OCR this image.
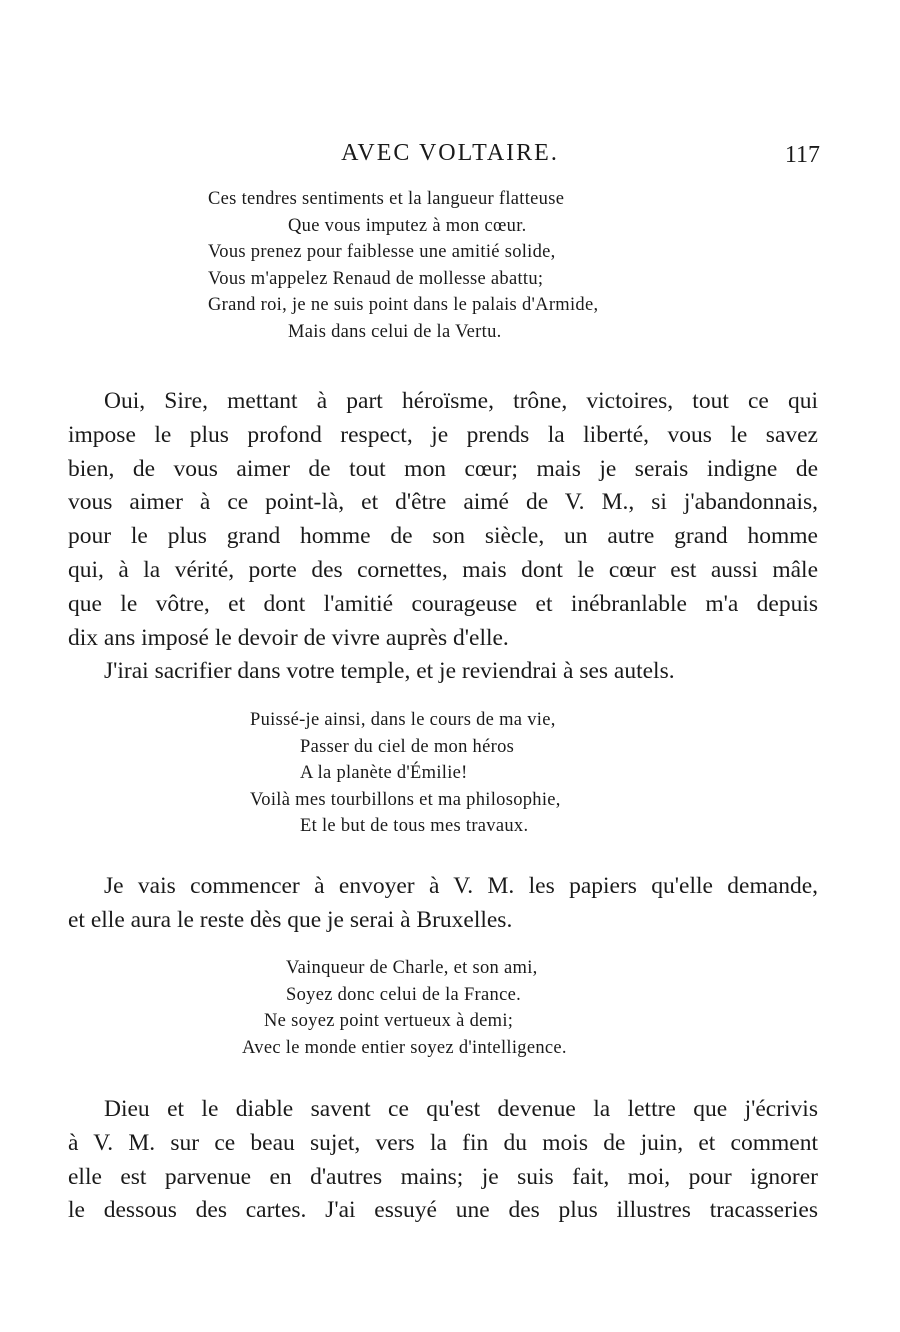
AVEC VOLTAIRE.	117
Ces tendres sentiments et la langueur flatteuse
Que vous imputez à mon cœur.
Vous prenez pour faiblesse une amitié solide,
Vous m'appelez Renaud de mollesse abattu;
Grand roi, je ne suis point dans le palais d'Armide,
Mais dans celui de la Vertu.
Oui, Sire, mettant à part héroïsme, trône, victoires, tout ce qui
impose le plus profond respect, je prends la liberté, vous le savez
bien, de vous aimer de tout mon cœur; mais je serais indigne de
vous aimer à ce point-là, et d'être aimé de V. M., si j'abandonnais,
pour le plus grand homme de son siècle, un autre grand homme
qui, à la vérité, porte des cornettes, mais dont le cœur est aussi mâle
que le vôtre, et dont l'amitié courageuse et inébranlable m'a depuis
dix ans imposé le devoir de vivre auprès d'elle.
J'irai sacrifier dans votre temple, et je reviendrai à ses autels.
Puissé-je ainsi, dans le cours de ma vie,
Passer du ciel de mon héros
A la planète d'Émilie!
Voilà mes tourbillons et ma philosophie,
Et le but de tous mes travaux.
Je vais commencer à envoyer à V. M. les papiers qu'elle demande,
et elle aura le reste dès que je serai à Bruxelles.
Vainqueur de Charle, et son ami,
Soyez donc celui de la France.
Ne soyez point vertueux à demi;
Avec le monde entier soyez d'intelligence.
Dieu et le diable savent ce qu'est devenue la lettre que j'écrivis
à V. M. sur ce beau sujet, vers la fin du mois de juin, et comment
elle est parvenue en d'autres mains; je suis fait, moi, pour ignorer
le dessous des cartes. J'ai essuyé une des plus illustres tracasseries
